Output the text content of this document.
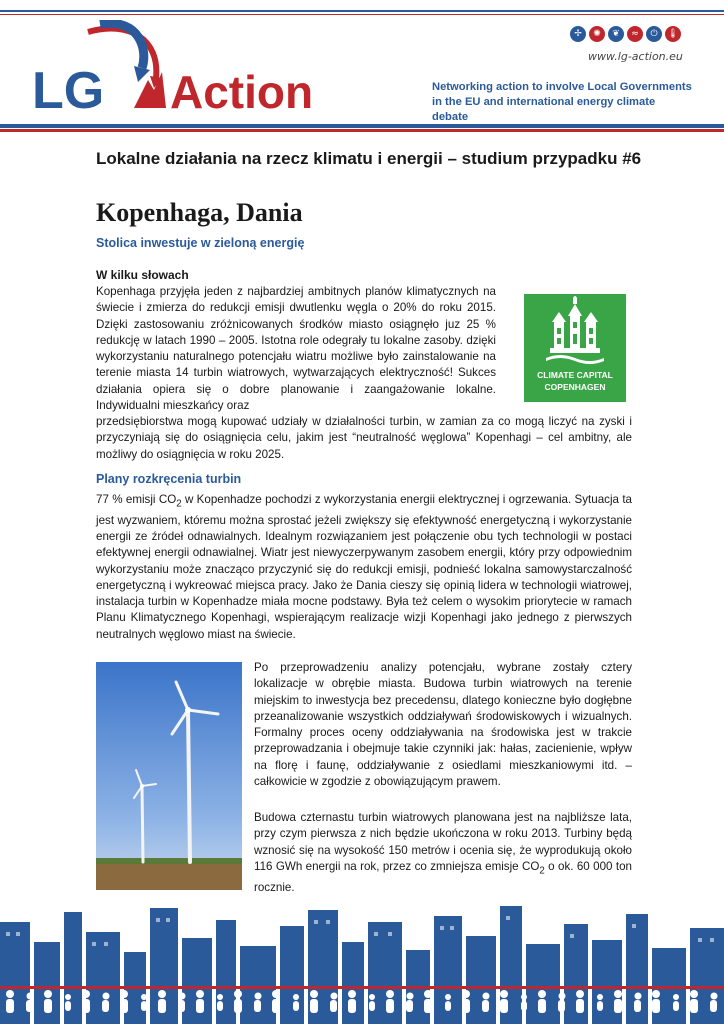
LG Action
✢	✺	❦	≈	⏻	🌡
www.lg-action.eu
Networking action to involve Local Governments
in the EU and international energy climate debate
Lokalne działania na rzecz klimatu i energii – studium przypadku #6
Kopenhaga, Dania
Stolica inwestuje w zieloną energię
W kilku słowach
Kopenhaga przyjęła jeden z najbardziej ambitnych planów klimatycznych na świecie i zmierza do redukcji emisji dwutlenku węgla o 20% do roku 2015. Dzięki zastosowaniu zróżnicowanych środków miasto osiągnęło juz 25 % redukcję w latach 1990 – 2005. Istotna role odegrały tu lokalne zasoby. dzięki wykorzystaniu naturalnego potencjału wiatru możliwe było zainstalowanie na terenie miasta 14 turbin wiatrowych, wytwarzających elektryczność! Sukces działania opiera się o dobre planowanie i zaangażowanie lokalne. Indywidualni mieszkańcy oraz
przedsiębiorstwa mogą kupować udziały w działalności turbin, w zamian za co mogą liczyć na zyski i przyczyniają się do osiągnięcia celu, jakim jest “neutralność węglowa” Kopenhagi – cel ambitny, ale możliwy do osiągnięcia w roku 2025.
CLIMATE CAPITAL
COPENHAGEN
Plany rozkręcenia turbin
77 % emisji $CO_2$ w Kopenhadze pochodzi z wykorzystania energii elektrycznej i ogrzewania. Sytuacja ta jest wyzwaniem, któremu można sprostać jeżeli zwiększy się efektywność energetyczną i wykorzystanie energii ze źródeł odnawialnych. Idealnym rozwiązaniem jest połączenie obu tych technologii w postaci efektywnej energii odnawialnej. Wiatr jest niewyczerpywanym zasobem energii, który przy odpowiednim wykorzystaniu może znacząco przyczynić się do redukcji emisji, podnieść lokalna samowystarczalność energetyczną i wykreować miejsca pracy. Jako że Dania cieszy się opinią lidera w technologii wiatrowej, instalacja turbin w Kopenhadze miała mocne podstawy. Była też celem o wysokim priorytecie w ramach Planu Klimatycznego Kopenhagi, wspierającym realizacje wizji Kopenhagi jako jednego z pierwszych neutralnych węglowo miast na świecie.
Po przeprowadzeniu analizy potencjału, wybrane zostały cztery lokalizacje w obrębie miasta. Budowa turbin wiatrowych na terenie miejskim to inwestycja bez precedensu, dlatego konieczne było dogłębne przeanalizowanie wszystkich oddziaływań środowiskowych i wizualnych. Formalny proces oceny oddziaływania na środowiska jest w trakcie przeprowadzania i obejmuje takie czynniki jak: hałas, zacienienie, wpływ na florę i faunę, oddziaływanie z osiedlami mieszkaniowymi itd. – całkowicie w zgodzie z obowiązującym prawem.
Budowa czternastu turbin wiatrowych planowana jest na najbliższe lata, przy czym pierwsza z nich będzie ukończona w roku 2013. Turbiny będą wznosić się na wysokość 150 metrów i ocenia się, że wyprodukują około 116 GWh energii na rok, przez co zmniejsza emisje $CO_2$ o ok. 60 000 ton rocznie.
